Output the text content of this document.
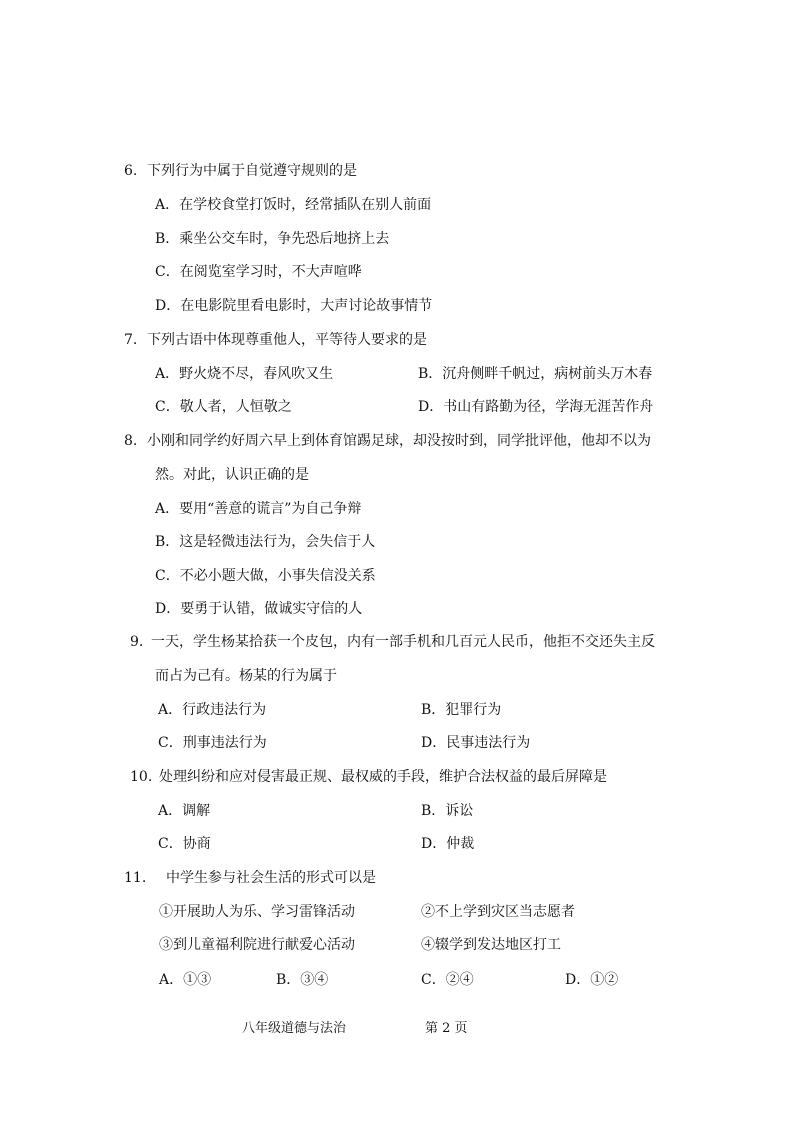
6. 下列行为中属于自觉遵守规则的是
A．在学校食堂打饭时，经常插队在别人前面
B．乘坐公交车时，争先恐后地挤上去
C．在阅览室学习时，不大声喧哗
D．在电影院里看电影时，大声讨论故事情节
7. 下列古语中体现尊重他人，平等待人要求的是
A．野火烧不尽，春风吹又生	B．沉舟侧畔千帆过，病树前头万木春
C．敬人者，人恒敬之	D．书山有路勤为径，学海无涯苦作舟
8. 小刚和同学约好周六早上到体育馆踢足球，却没按时到，同学批评他，他却不以为
然。对此，认识正确的是
A．要用“善意的谎言”为自己争辩
B．这是轻微违法行为，会失信于人
C．不必小题大做，小事失信没关系
D．要勇于认错，做诚实守信的人
9. 一天，学生杨某拾获一个皮包，内有一部手机和几百元人民币，他拒不交还失主反
而占为己有。杨某的行为属于
A．行政违法行为	B．犯罪行为
C．刑事违法行为	D．民事违法行为
10. 处理纠纷和应对侵害最正规、最权威的手段，维护合法权益的最后屏障是
A．调解	B．诉讼
C．协商	D．仲裁
11. 中学生参与社会生活的形式可以是
①开展助人为乐、学习雷锋活动	②不上学到灾区当志愿者
③到儿童福利院进行献爱心活动	④辍学到发达地区打工
A．①③	B．③④	C．②④	D．①②
八年级道德与法治	第 2 页
